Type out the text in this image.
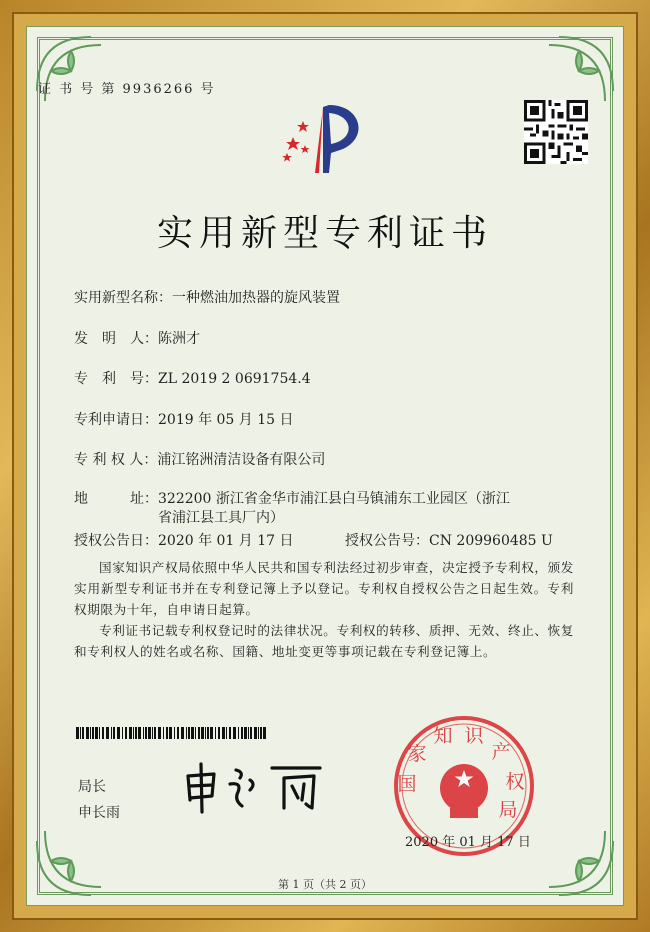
证 书 号 第 9936266 号
实用新型专利证书
实用新型名称：一种燃油加热器的旋风装置
发　明　人：陈洲才
专　利　号：ZL 2019 2 0691754.4
专利申请日：2019 年 05 月 15 日
专 利 权 人：浦江铭洲清洁设备有限公司
地　　　址：322200 浙江省金华市浦江县白马镇浦东工业园区（浙江
省浦江县工具厂内）
授权公告日：2020 年 01 月 17 日	授权公告号：CN 209960485 U
国家知识产权局依照中华人民共和国专利法经过初步审查，决定授予专利权，颁发实用新型专利证书并在专利登记簿上予以登记。专利权自授权公告之日起生效。专利权期限为十年，自申请日起算。
专利证书记载专利权登记时的法律状况。专利权的转移、质押、无效、终止、恢复和专利权人的姓名或名称、国籍、地址变更等事项记载在专利登记簿上。
局长
申长雨
国 家 知 识 产 权 局
2020 年 01 月 17 日
第 1 页（共 2 页）
